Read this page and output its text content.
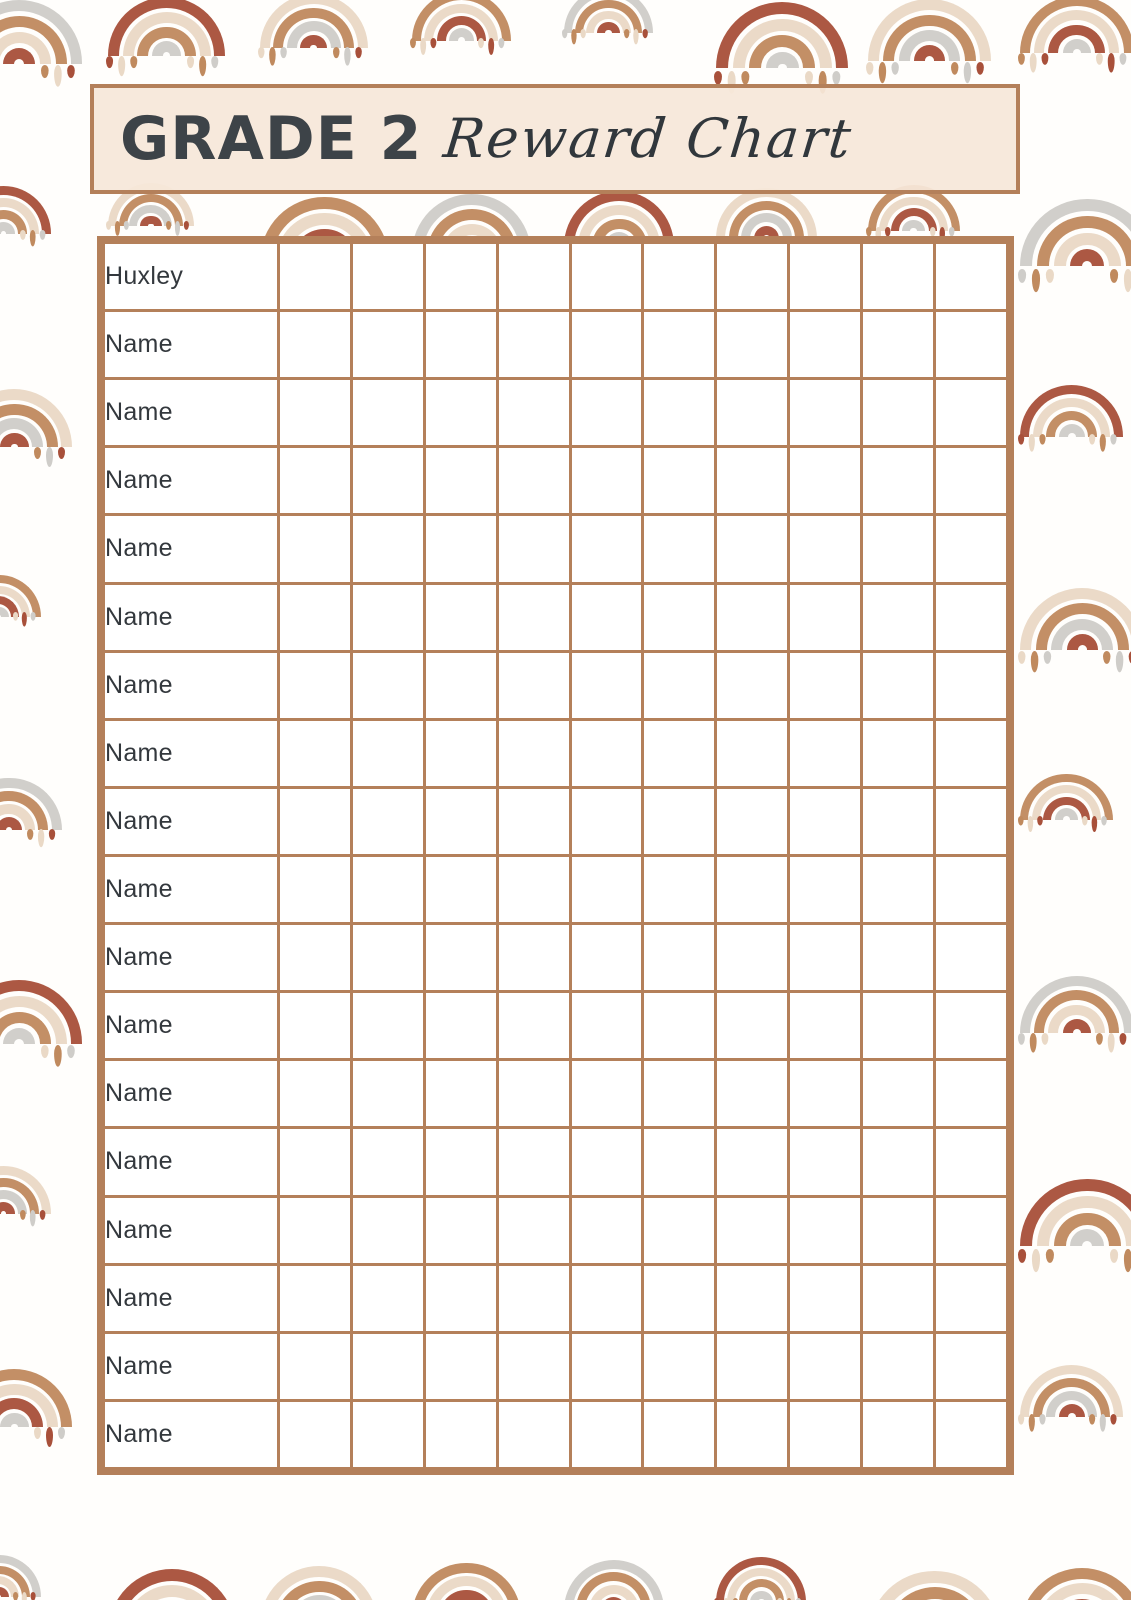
GRADE 2 Reward Chart
Huxley										
Name										
Name										
Name										
Name										
Name										
Name										
Name										
Name										
Name										
Name										
Name										
Name										
Name										
Name										
Name										
Name										
Name										
